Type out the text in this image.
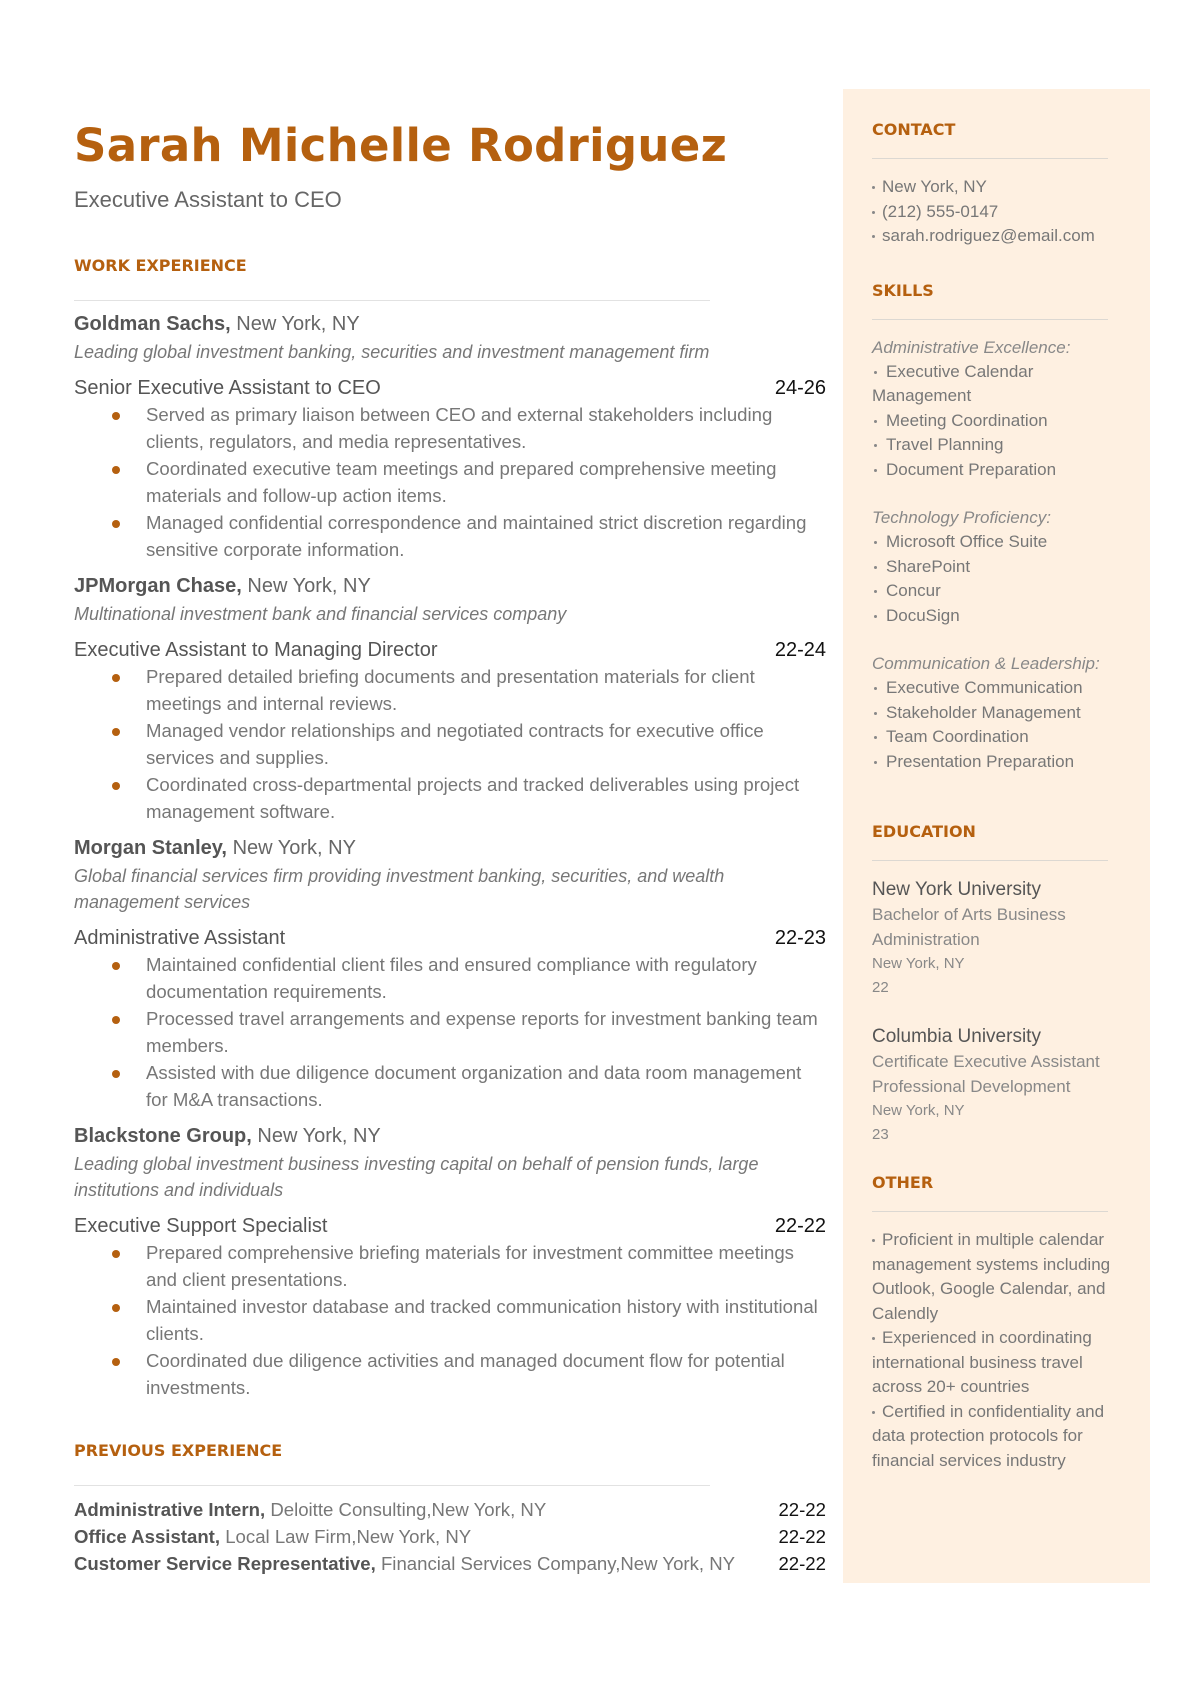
Sarah Michelle Rodriguez
Executive Assistant to CEO
WORK EXPERIENCE
Goldman Sachs, New York, NY
Leading global investment banking, securities and investment management firm
Senior Executive Assistant to CEO	24-26
Served as primary liaison between CEO and external stakeholders including clients, regulators, and media representatives.
Coordinated executive team meetings and prepared comprehensive meeting materials and follow-up action items.
Managed confidential correspondence and maintained strict discretion regarding sensitive corporate information.
JPMorgan Chase, New York, NY
Multinational investment bank and financial services company
Executive Assistant to Managing Director	22-24
Prepared detailed briefing documents and presentation materials for client meetings and internal reviews.
Managed vendor relationships and negotiated contracts for executive office services and supplies.
Coordinated cross-departmental projects and tracked deliverables using project management software.
Morgan Stanley, New York, NY
Global financial services firm providing investment banking, securities, and wealth management services
Administrative Assistant	22-23
Maintained confidential client files and ensured compliance with regulatory documentation requirements.
Processed travel arrangements and expense reports for investment banking team members.
Assisted with due diligence document organization and data room management for M&A transactions.
Blackstone Group, New York, NY
Leading global investment business investing capital on behalf of pension funds, large institutions and individuals
Executive Support Specialist	22-22
Prepared comprehensive briefing materials for investment committee meetings and client presentations.
Maintained investor database and tracked communication history with institutional clients.
Coordinated due diligence activities and managed document flow for potential investments.
PREVIOUS EXPERIENCE
Administrative Intern, Deloitte Consulting,New York, NY	22-22
Office Assistant, Local Law Firm,New York, NY	22-22
Customer Service Representative, Financial Services Company,New York, NY 22-22
CONTACT
New York, NY
(212) 555-0147
sarah.rodriguez@email.com
SKILLS
Administrative Excellence:
Executive Calendar Management
Meeting Coordination
Travel Planning
Document Preparation
Technology Proficiency:
Microsoft Office Suite
SharePoint
Concur
DocuSign
Communication & Leadership:
Executive Communication
Stakeholder Management
Team Coordination
Presentation Preparation
EDUCATION
New York University
Bachelor of Arts Business Administration
New York, NY
22
Columbia University
Certificate Executive Assistant Professional Development
New York, NY
23
OTHER
Proficient in multiple calendar management systems including Outlook, Google Calendar, and Calendly
Experienced in coordinating international business travel across 20+ countries
Certified in confidentiality and data protection protocols for financial services industry
